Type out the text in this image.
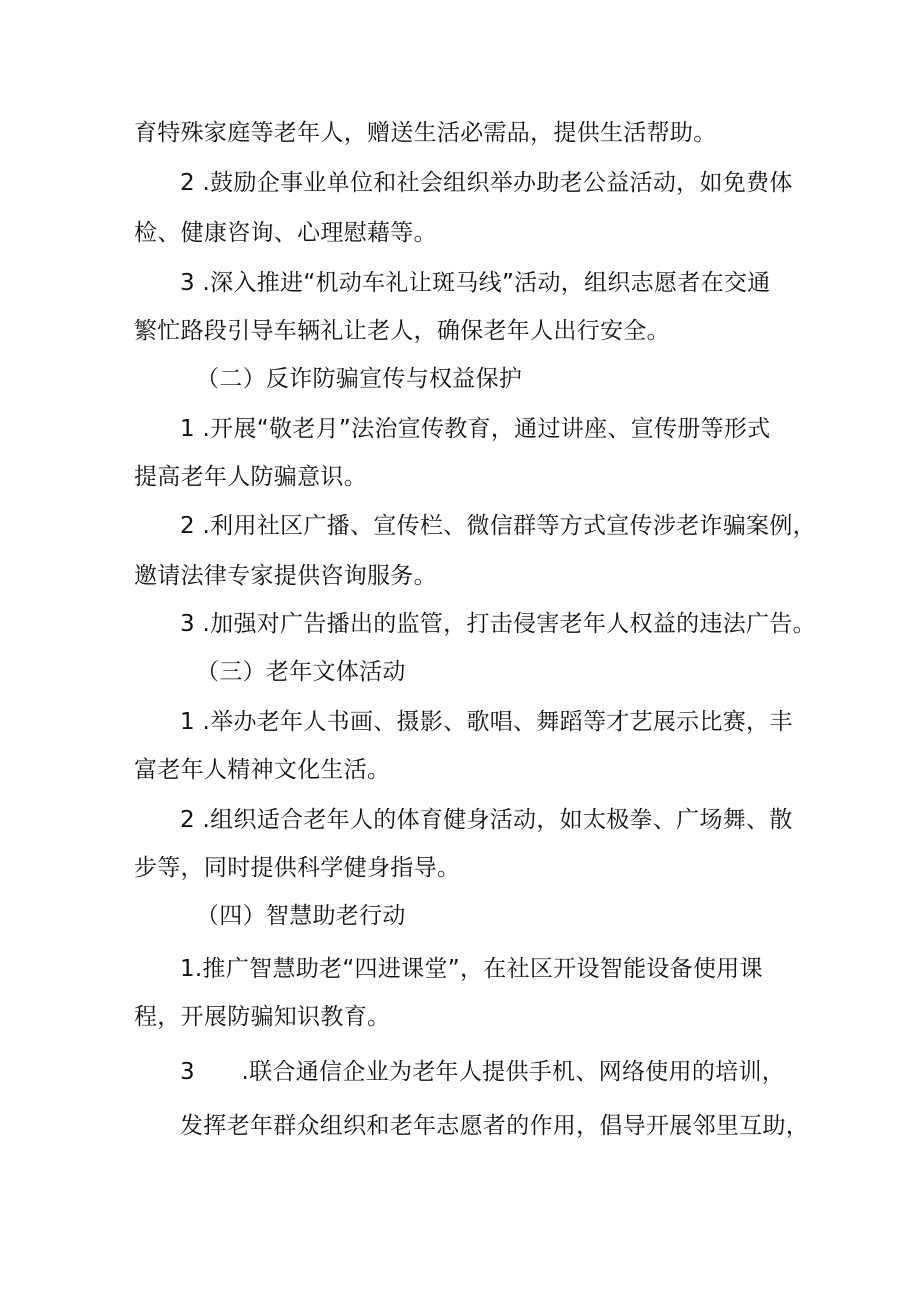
育特殊家庭等老年人，赠送生活必需品，提供生活帮助。
2 .鼓励企事业单位和社会组织举办助老公益活动，如免费体
检、健康咨询、心理慰藉等。
3 .深入推进“机动车礼让斑马线”活动，组织志愿者在交通
繁忙路段引导车辆礼让老人，确保老年人出行安全。
（二）反诈防骗宣传与权益保护
1 .开展“敬老月”法治宣传教育，通过讲座、宣传册等形式
提高老年人防骗意识。
2 .利用社区广播、宣传栏、微信群等方式宣传涉老诈骗案例，
邀请法律专家提供咨询服务。
3 .加强对广告播出的监管，打击侵害老年人权益的违法广告。
（三）老年文体活动
1 .举办老年人书画、摄影、歌唱、舞蹈等才艺展示比赛，丰
富老年人精神文化生活。
2 .组织适合老年人的体育健身活动，如太极拳、广场舞、散
步等，同时提供科学健身指导。
（四）智慧助老行动
1.推广智慧助老“四进课堂”，在社区开设智能设备使用课
程，开展防骗知识教育。
3　　.联合通信企业为老年人提供手机、网络使用的培训，
发挥老年群众组织和老年志愿者的作用，倡导开展邻里互助，
